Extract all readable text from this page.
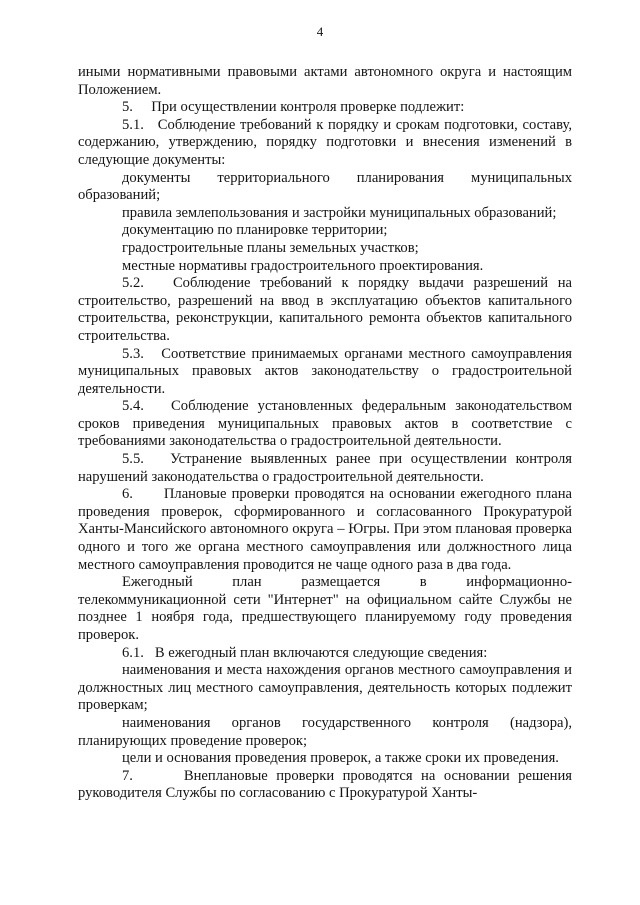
4

иными нормативными правовыми актами автономного округа и настоящим Положением.

5.     При осуществлении контроля проверке подлежит:

5.1.   Соблюдение требований к порядку и срокам подготовки, составу, содержанию, утверждению, порядку подготовки и внесения изменений в следующие документы:

документы территориального планирования муниципальных образований;

правила землепользования и застройки муниципальных образований;

документацию по планировке территории;

градостроительные планы земельных участков;

местные нормативы градостроительного проектирования.

5.2.   Соблюдение требований к порядку выдачи разрешений на строительство, разрешений на ввод в эксплуатацию объектов капитального строительства, реконструкции, капитального ремонта объектов капитального строительства.

5.3.   Соответствие принимаемых органами местного самоуправления муниципальных правовых актов законодательству о градостроительной деятельности.

5.4.   Соблюдение установленных федеральным законодательством сроков приведения муниципальных правовых актов в соответствие с требованиями законодательства о градостроительной деятельности.

5.5.   Устранение выявленных ранее при осуществлении контроля нарушений законодательства о градостроительной деятельности.

6.      Плановые проверки проводятся на основании ежегодного плана проведения проверок, сформированного и согласованного Прокуратурой Ханты-Мансийского автономного округа – Югры. При этом плановая проверка одного и того же органа местного самоуправления или должностного лица местного самоуправления проводится не чаще одного раза в два года.

Ежегодный план размещается в информационно-телекоммуникационной сети "Интернет" на официальном сайте Службы не позднее 1 ноября года, предшествующего планируемому году проведения проверок.

6.1.   В ежегодный план включаются следующие сведения:

наименования и места нахождения органов местного самоуправления и должностных лиц местного самоуправления, деятельность которых подлежит проверкам;

наименования органов государственного контроля (надзора), планирующих проведение проверок;

цели и основания проведения проверок, а также сроки их проведения.

7.      Внеплановые проверки проводятся на основании решения руководителя Службы по согласованию с Прокуратурой Ханты-
